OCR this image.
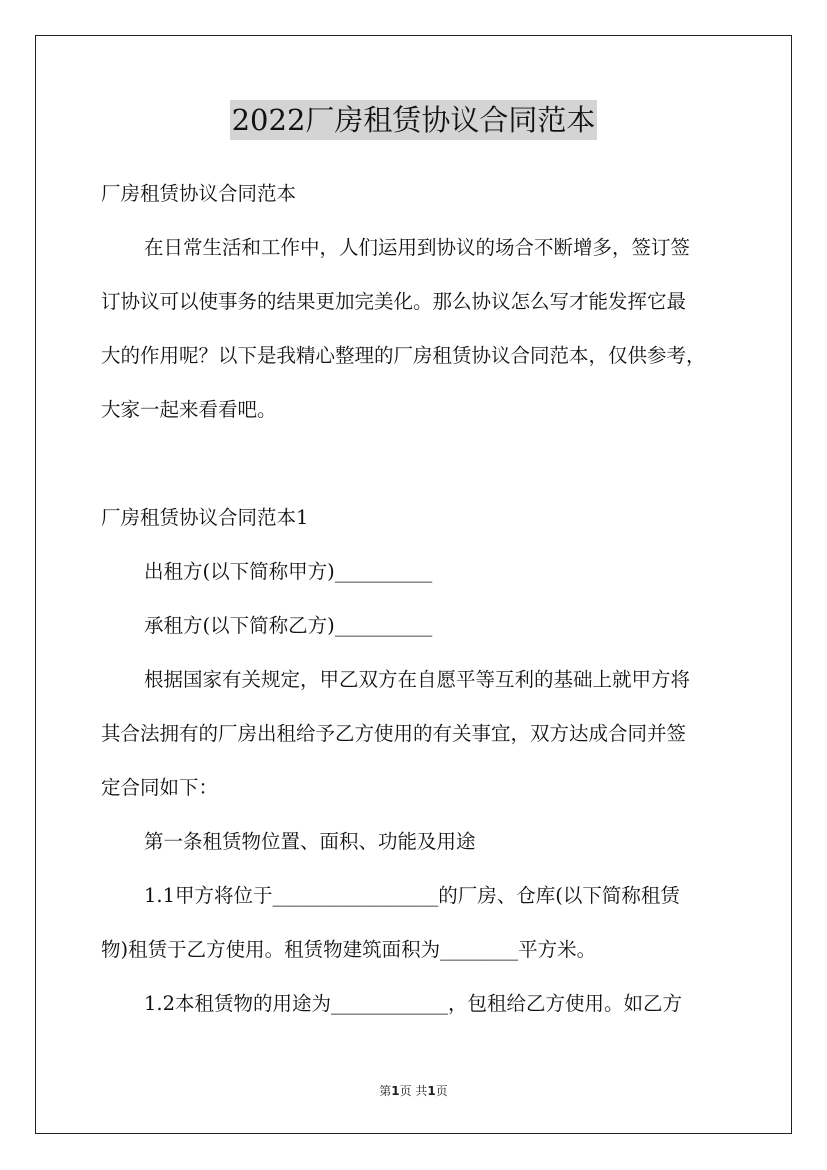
2022厂房租赁协议合同范本
厂房租赁协议合同范本
在日常生活和工作中，人们运用到协议的场合不断增多，签订签
订协议可以使事务的结果更加完美化。那么协议怎么写才能发挥它最
大的作用呢？以下是我精心整理的厂房租赁协议合同范本，仅供参考，
大家一起来看看吧。
厂房租赁协议合同范本1
出租方(以下简称甲方)__________
承租方(以下简称乙方)__________
根据国家有关规定，甲乙双方在自愿平等互利的基础上就甲方将
其合法拥有的厂房出租给予乙方使用的有关事宜，双方达成合同并签
定合同如下：
第一条租赁物位置、面积、功能及用途
1.1甲方将位于_________________的厂房、仓库(以下简称租赁
物)租赁于乙方使用。租赁物建筑面积为________平方米。
1.2本租赁物的用途为____________，包租给乙方使用。如乙方
第1页 共1页
